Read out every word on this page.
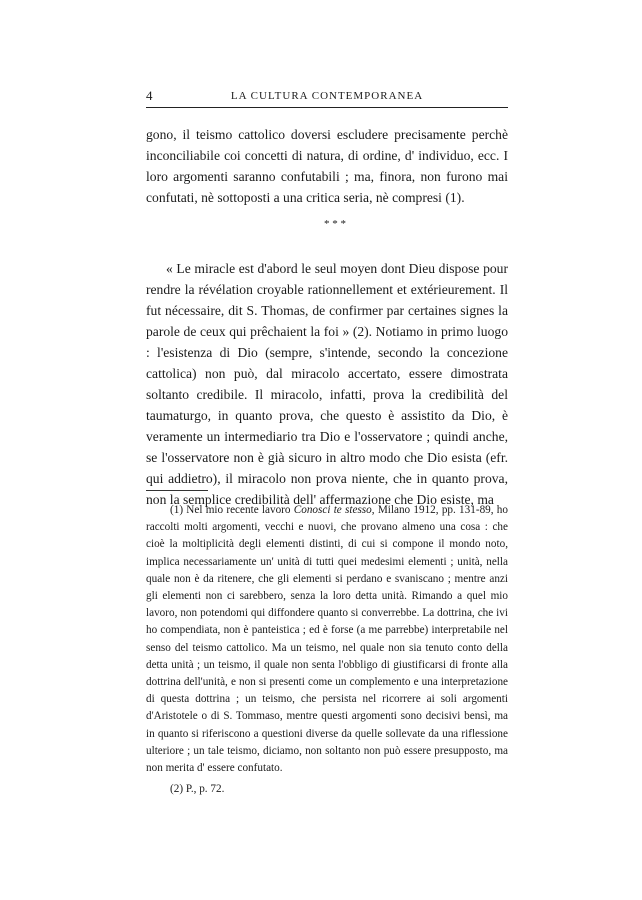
4	LA CULTURA CONTEMPORANEA

gono, il teismo cattolico doversi escludere precisamente perchè inconciliabile coi concetti di natura, di ordine, d' individuo, ecc. I loro argomenti saranno confutabili ; ma, finora, non furono mai confutati, nè sottoposti a una critica seria, nè compresi (1).

* * *

« Le miracle est d'abord le seul moyen dont Dieu dispose pour rendre la révélation croyable rationnellement et extérieurement. Il fut nécessaire, dit S. Thomas, de confirmer par certaines signes la parole de ceux qui prêchaient la foi » (2). Notiamo in primo luogo : l'esistenza di Dio (sempre, s'intende, secondo la concezione cattolica) non può, dal miracolo accertato, essere dimostrata soltanto credibile. Il miracolo, infatti, prova la credibilità del taumaturgo, in quanto prova, che questo è assistito da Dio, è veramente un intermediario tra Dio e l'osservatore ; quindi anche, se l'osservatore non è già sicuro in altro modo che Dio esista (efr. qui addietro), il miracolo non prova niente, che in quanto prova, non la semplice credibilità dell' affermazione che Dio esiste, ma

(1) Nel mio recente lavoro Conosci te stesso, Milano 1912, pp. 131-89, ho raccolti molti argomenti, vecchi e nuovi, che provano almeno una cosa : che cioè la moltiplicità degli elementi distinti, di cui si compone il mondo noto, implica necessariamente un' unità di tutti quei medesimi elementi ; unità, nella quale non è da ritenere, che gli elementi si perdano e svaniscano ; mentre anzi gli elementi non ci sarebbero, senza la loro detta unità. Rimando a quel mio lavoro, non potendomi qui diffondere quanto si converrebbe. La dottrina, che ivi ho compendiata, non è panteistica ; ed è forse (a me parrebbe) interpretabile nel senso del teismo cattolico. Ma un teismo, nel quale non sia tenuto conto della detta unità ; un teismo, il quale non senta l'obbligo di giustificarsi di fronte alla dottrina dell'unità, e non si presenti come un complemento e una interpretazione di questa dottrina ; un teismo, che persista nel ricorrere ai soli argomenti d'Aristotele o di S. Tommaso, mentre questi argomenti sono decisivi bensì, ma in quanto si riferiscono a questioni diverse da quelle sollevate da una riflessione ulteriore ; un tale teismo, diciamo, non soltanto non può essere presupposto, ma non merita d' essere confutato.

(2) P., p. 72.
